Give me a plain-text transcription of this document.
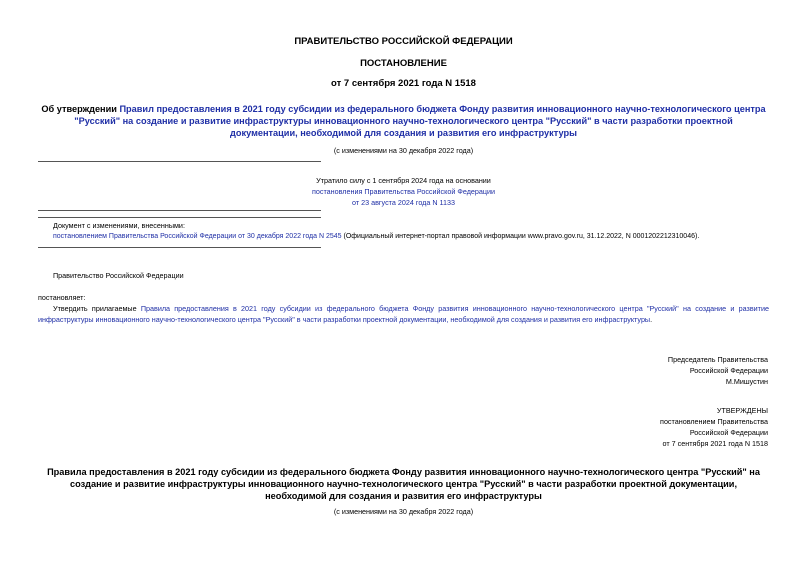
ПРАВИТЕЛЬСТВО РОССИЙСКОЙ ФЕДЕРАЦИИ
ПОСТАНОВЛЕНИЕ
от 7 сентября 2021 года N 1518
Об утверждении Правил предоставления в 2021 году субсидии из федерального бюджета Фонду развития инновационного научно-технологического центра "Русский" на создание и развитие инфраструктуры инновационного научно-технологического центра "Русский" в части разработки проектной документации, необходимой для создания и развития его инфраструктуры
(с изменениями на 30 декабря 2022 года)
Утратило силу с 1 сентября 2024 года на основании
постановления Правительства Российской Федерации
от 23 августа 2024 года N 1133
Документ с изменениями, внесенными:
постановлением Правительства Российской Федерации от 30 декабря 2022 года N 2545 (Официальный интернет-портал правовой информации www.pravo.gov.ru, 31.12.2022, N 0001202212310046).
Правительство Российской Федерации
постановляет:
Утвердить прилагаемые Правила предоставления в 2021 году субсидии из федерального бюджета Фонду развития инновационного научно-технологического центра "Русский" на создание и развитие инфраструктуры инновационного научно-технологического центра "Русский" в части разработки проектной документации, необходимой для создания и развития его инфраструктуры.
Председатель Правительства
Российской Федерации
М.Мишустин
УТВЕРЖДЕНЫ
постановлением Правительства
Российской Федерации
от 7 сентября 2021 года N 1518
Правила предоставления в 2021 году субсидии из федерального бюджета Фонду развития инновационного научно-технологического центра "Русский" на создание и развитие инфраструктуры инновационного научно-технологического центра "Русский" в части разработки проектной документации, необходимой для создания и развития его инфраструктуры
(с изменениями на 30 декабря 2022 года)
